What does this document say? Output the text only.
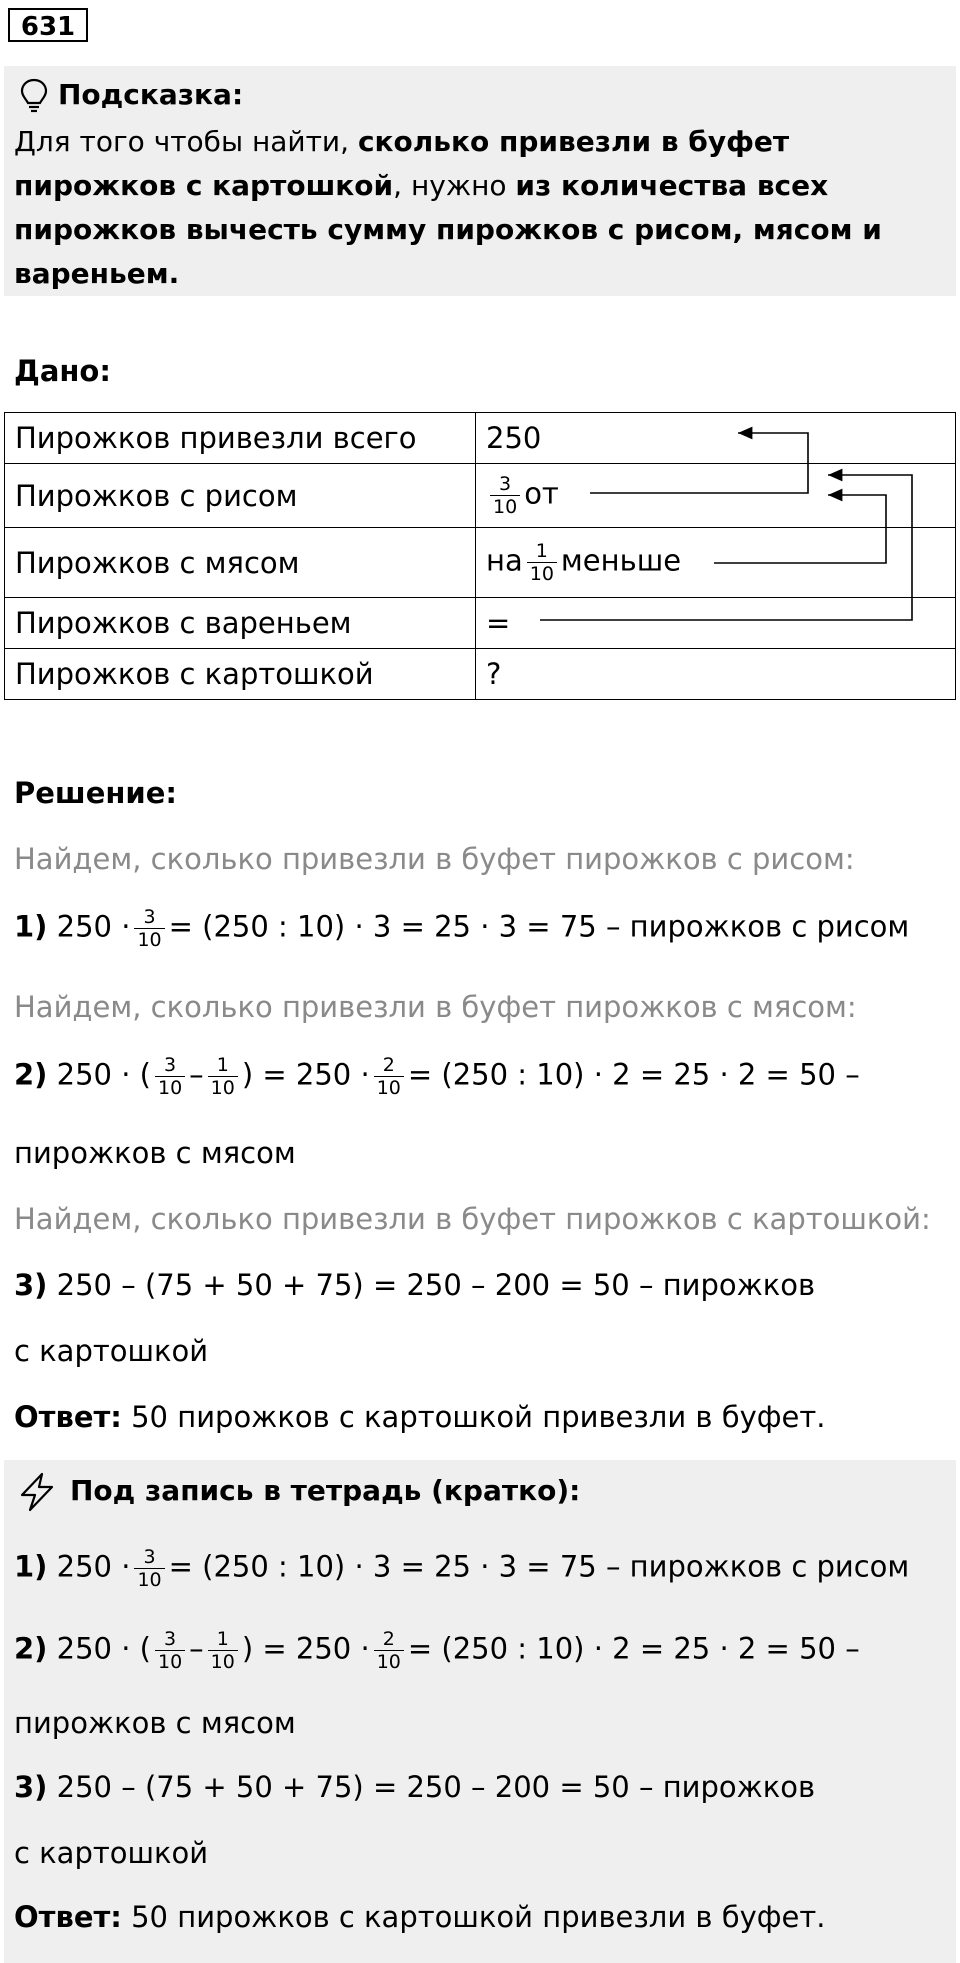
631
Подсказка:
Для того чтобы найти, сколько привезли в буфет пирожков с картошкой, нужно из количества всех пирожков вычесть сумму пирожков с рисом, мясом и вареньем.
Дано:
Пирожков привезли всего	250
Пирожков с рисом	$\frac{3}{10}$ от
Пирожков с мясом	на $\frac{1}{10}$ меньше
Пирожков с вареньем	=
Пирожков с картошкой	?
Решение:
Найдем, сколько привезли в буфет пирожков с рисом:
1) $250 \cdot \frac{3}{10} = (250$ : 10) · 3 = 25 · 3 = 75 – пирожков с рисом
Найдем, сколько привезли в буфет пирожков с мясом:
2) 250 · ( $\frac{3}{10} - \frac{1}{10}$ ) = $250 \cdot \frac{2}{10} = (250$ : 10) · 2 = 25 · 2 = 50 –
пирожков с мясом
Найдем, сколько привезли в буфет пирожков с картошкой:
3) 250 – (75 + 50 + 75) = 250 – 200 = 50 – пирожков
с картошкой
Ответ: 50 пирожков с картошкой привезли в буфет.
Под запись в тетрадь (кратко):
1) $250 \cdot \frac{3}{10} = (250$ : 10) · 3 = 25 · 3 = 75 – пирожков с рисом
2) 250 · ( $\frac{3}{10} - \frac{1}{10}$ ) = $250 \cdot \frac{2}{10} = (250$ : 10) · 2 = 25 · 2 = 50 –
пирожков с мясом
3) 250 – (75 + 50 + 75) = 250 – 200 = 50 – пирожков
с картошкой
Ответ: 50 пирожков с картошкой привезли в буфет.
